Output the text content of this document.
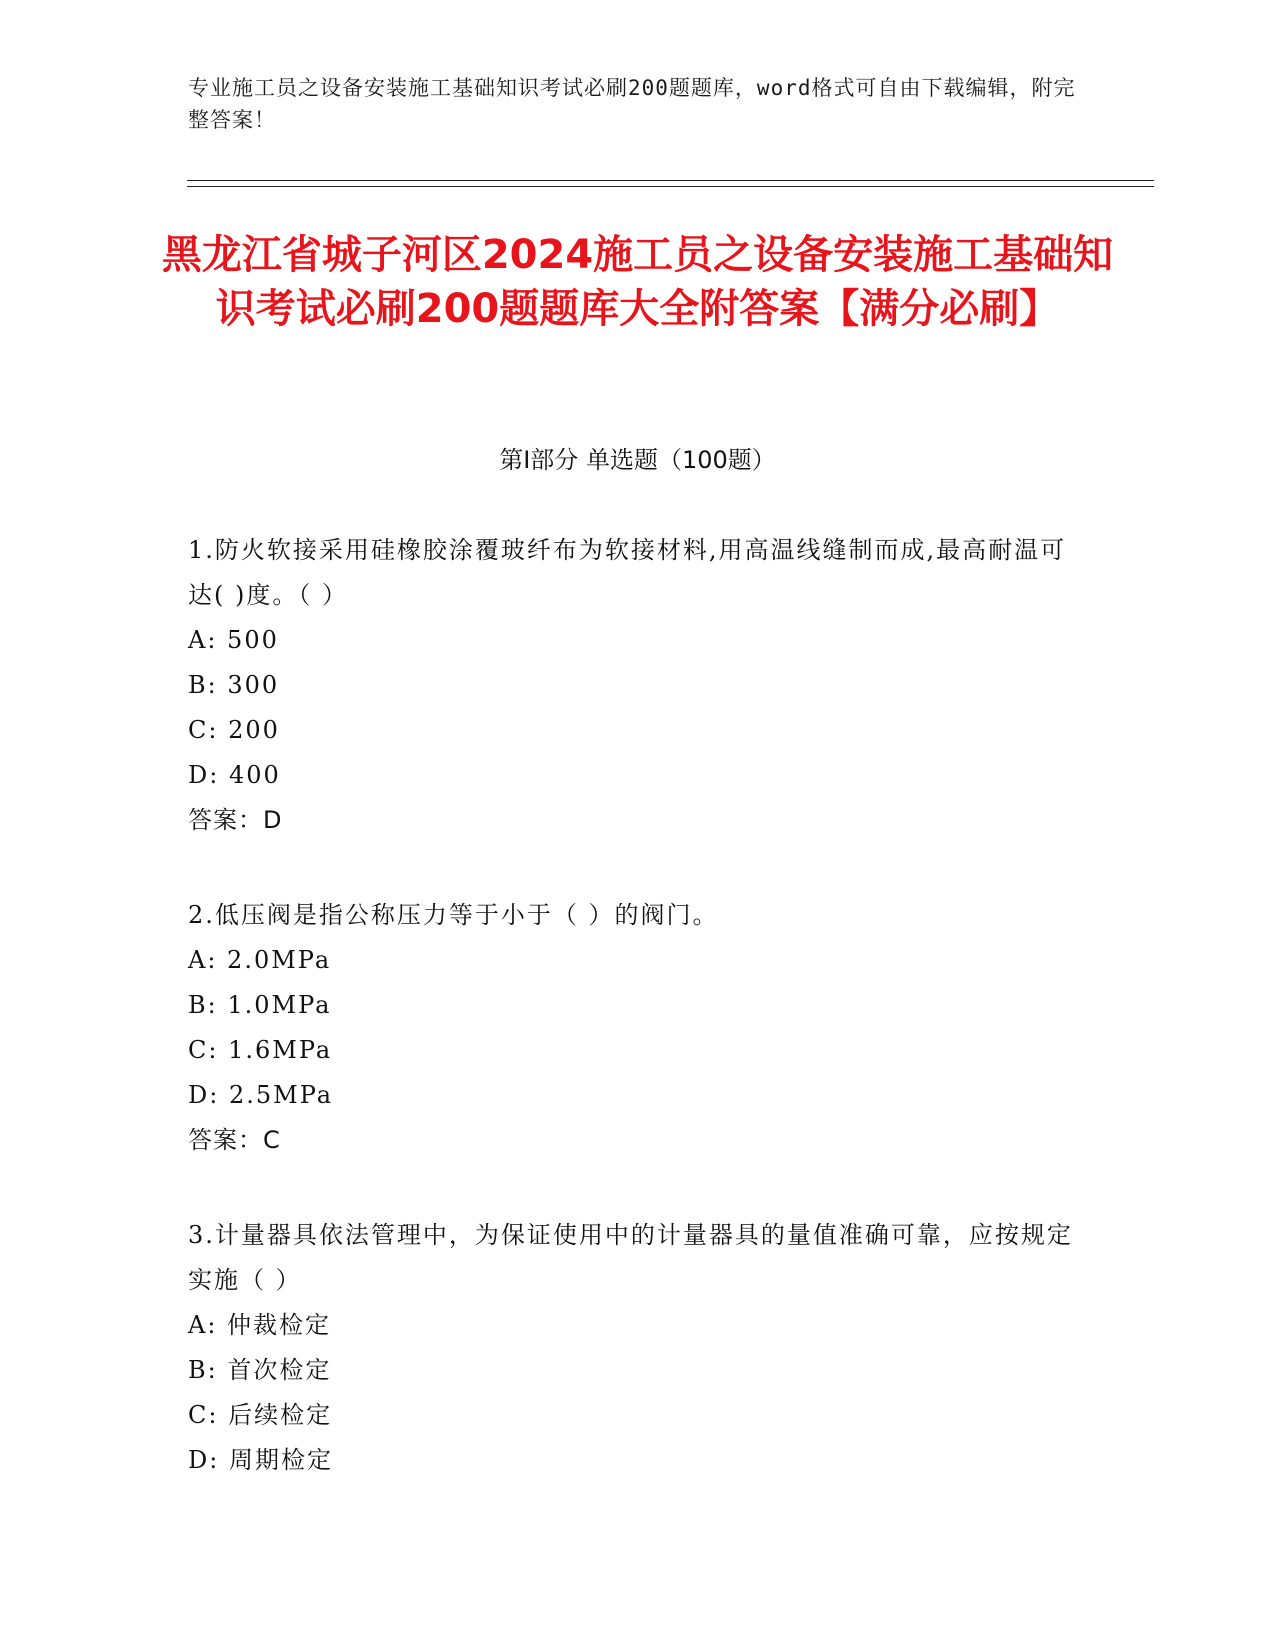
专业施工员之设备安装施工基础知识考试必刷200题题库，word格式可自由下载编辑，附完整答案！
黑龙江省城子河区2024施工员之设备安装施工基础知识考试必刷200题题库大全附答案【满分必刷】
第Ⅰ部分 单选题（100题）
1.防火软接采用硅橡胶涂覆玻纤布为软接材料,用高温线缝制而成,最高耐温可达( )度。（ ）
A: 500
B: 300
C: 200
D: 400
答案：D
2.低压阀是指公称压力等于小于（ ）的阀门。
A: 2.0MPa
B: 1.0MPa
C: 1.6MPa
D: 2.5MPa
答案：C
3.计量器具依法管理中，为保证使用中的计量器具的量值准确可靠，应按规定实施（ ）
A: 仲裁检定
B: 首次检定
C: 后续检定
D: 周期检定
